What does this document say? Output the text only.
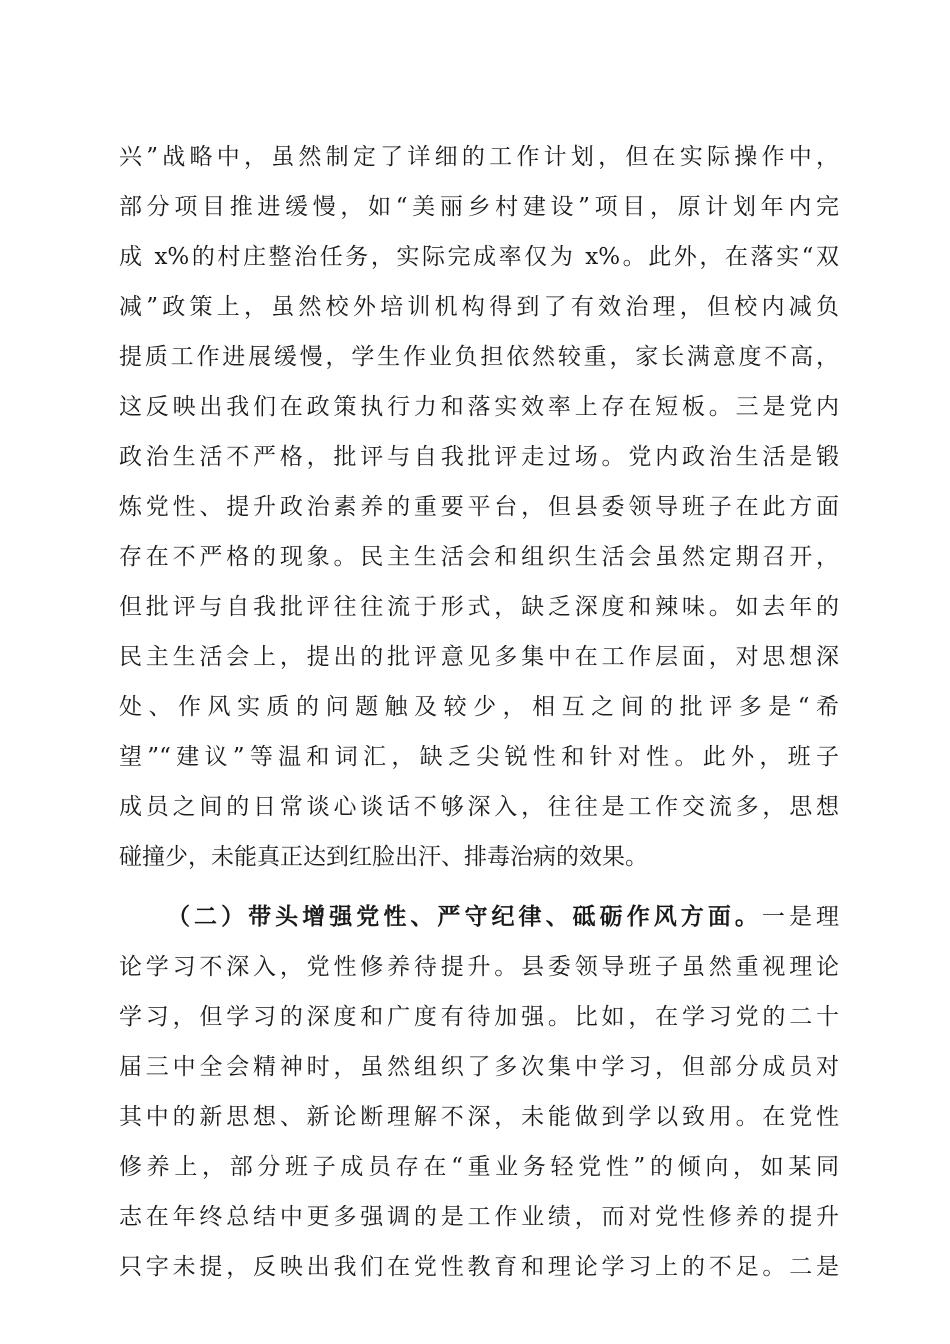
兴”战略中，虽然制定了详细的工作计划，但在实际操作中，
部分项目推进缓慢，如“美丽乡村建设”项目，原计划年内完
成 x%的村庄整治任务，实际完成率仅为 x%。此外，在落实“双
减”政策上，虽然校外培训机构得到了有效治理，但校内减负
提质工作进展缓慢，学生作业负担依然较重，家长满意度不高，
这反映出我们在政策执行力和落实效率上存在短板。三是党内
政治生活不严格，批评与自我批评走过场。党内政治生活是锻
炼党性、提升政治素养的重要平台，但县委领导班子在此方面
存在不严格的现象。民主生活会和组织生活会虽然定期召开，
但批评与自我批评往往流于形式，缺乏深度和辣味。如去年的
民主生活会上，提出的批评意见多集中在工作层面，对思想深
处、作风实质的问题触及较少，相互之间的批评多是“希
望”“建议”等温和词汇，缺乏尖锐性和针对性。此外，班子
成员之间的日常谈心谈话不够深入，往往是工作交流多，思想
碰撞少，未能真正达到红脸出汗、排毒治病的效果。
（二）带头增强党性、严守纪律、砥砺作风方面。一是理
论学习不深入，党性修养待提升。县委领导班子虽然重视理论
学习，但学习的深度和广度有待加强。比如，在学习党的二十
届三中全会精神时，虽然组织了多次集中学习，但部分成员对
其中的新思想、新论断理解不深，未能做到学以致用。在党性
修养上，部分班子成员存在“重业务轻党性”的倾向，如某同
志在年终总结中更多强调的是工作业绩，而对党性修养的提升
只字未提，反映出我们在党性教育和理论学习上的不足。二是
